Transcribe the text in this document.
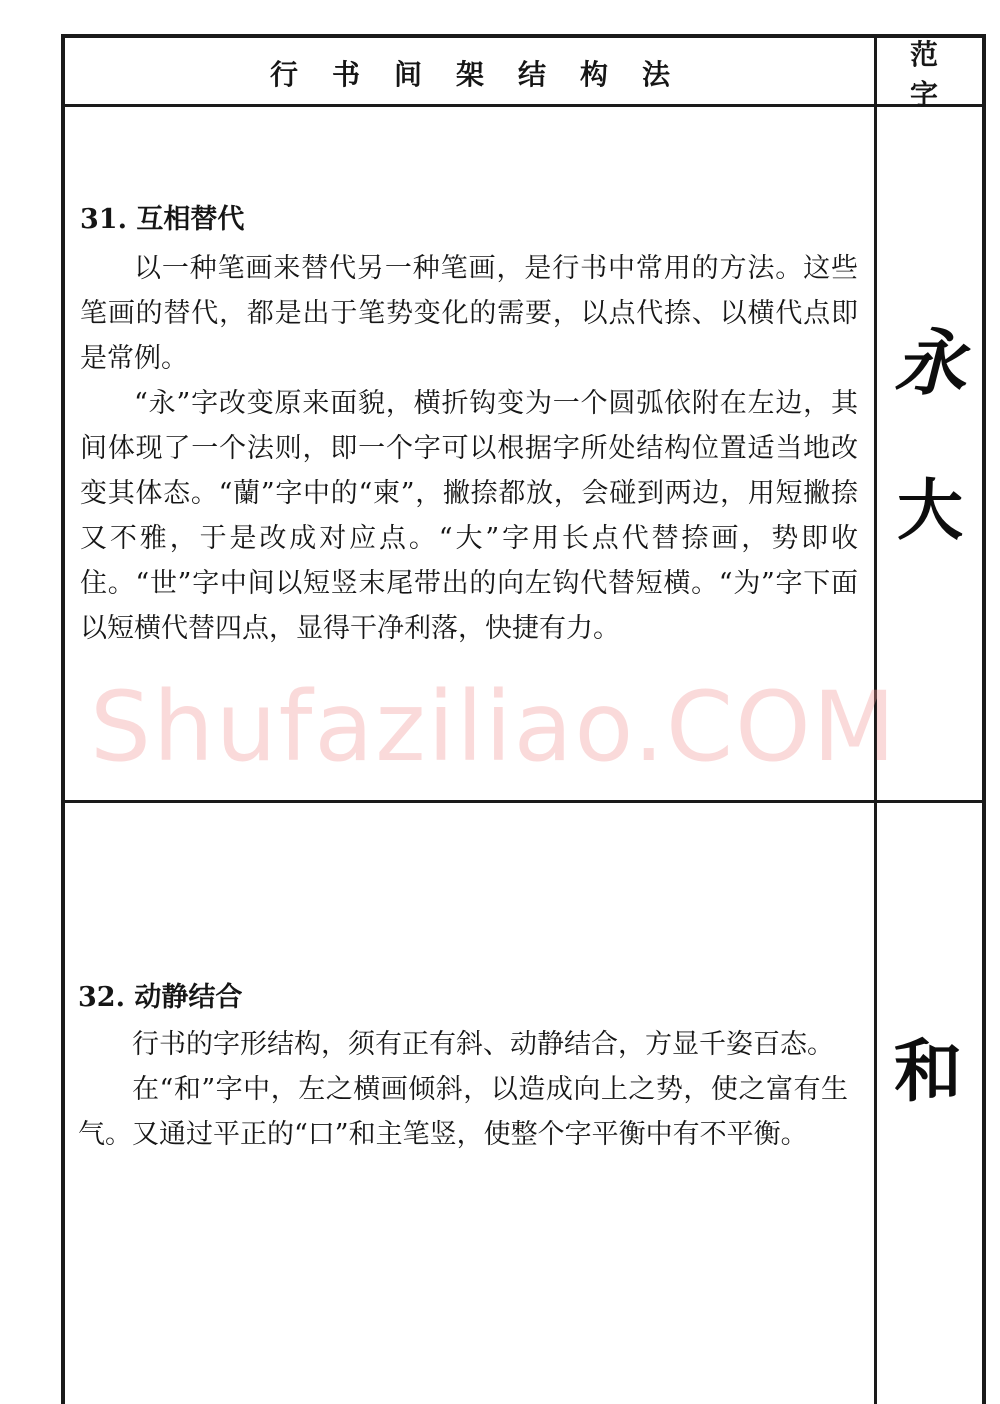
行书间架结构法
范字
31. 互相替代

以一种笔画来替代另一种笔画，是行书中常用的方法。这些笔画的替代，都是出于笔势变化的需要，以点代捺、以横代点即是常例。

“永”字改变原来面貌，横折钩变为一个圆弧依附在左边，其间体现了一个法则，即一个字可以根据字所处结构位置适当地改变其体态。“蘭”字中的“柬”，撇捺都放，会碰到两边，用短撇捺又不雅，于是改成对应点。“大”字用长点代替捺画，势即收住。“世”字中间以短竖末尾带出的向左钩代替短横。“为”字下面以短横代替四点，显得干净利落，快捷有力。

永
大
Shufaziliao.COM
32. 动静结合

行书的字形结构，须有正有斜、动静结合，方显千姿百态。

在“和”字中，左之横画倾斜，以造成向上之势，使之富有生气。又通过平正的“口”和主笔竖，使整个字平衡中有不平衡。

和
